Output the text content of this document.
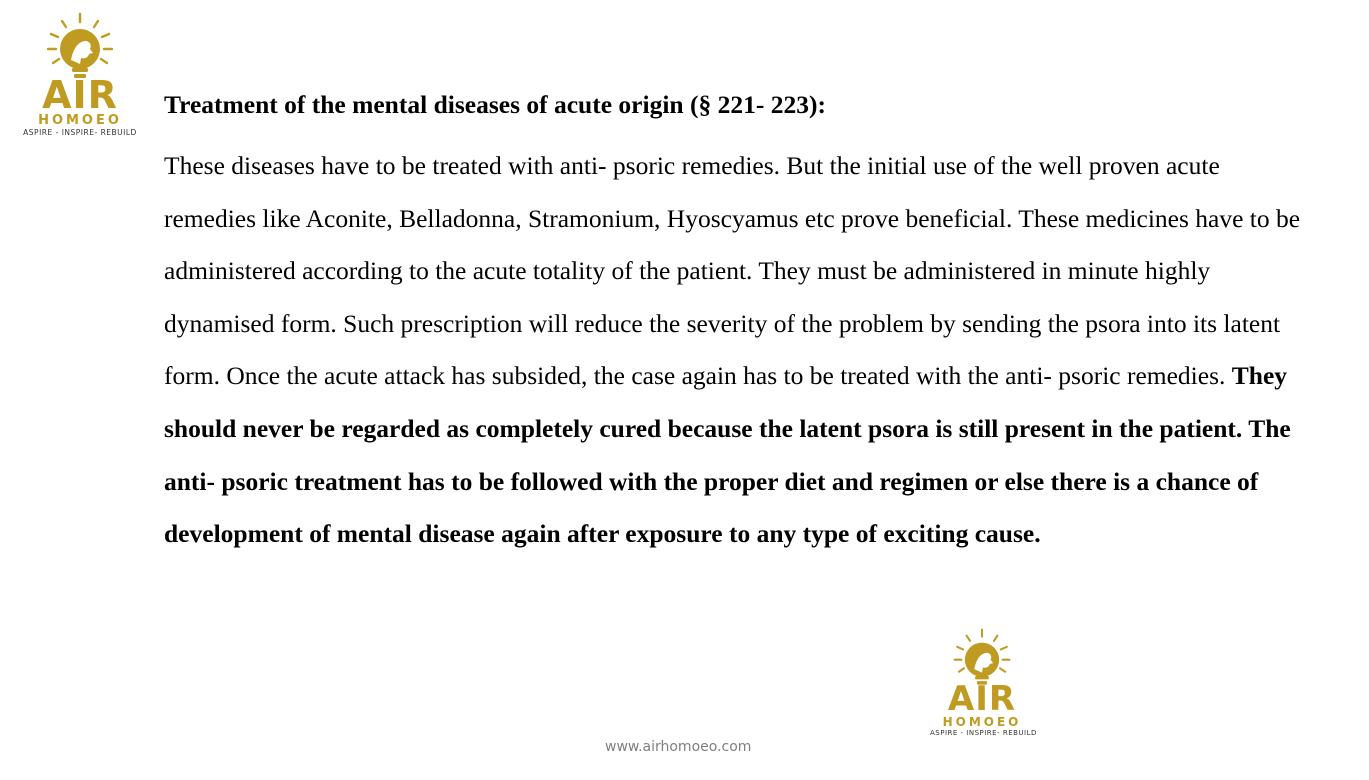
AIR
HOMOEO
ASPIRE - INSPIRE- REBUILD

Treatment of the mental diseases of acute origin (§ 221- 223):

These diseases have to be treated with anti- psoric remedies. But the initial use of the well proven acute remedies like Aconite, Belladonna, Stramonium, Hyoscyamus etc prove beneficial. These medicines have to be administered according to the acute totality of the patient. They must be administered in minute highly dynamised form. Such prescription will reduce the severity of the problem by sending the psora into its latent form. Once the acute attack has subsided, the case again has to be treated with the anti- psoric remedies. They should never be regarded as completely cured because the latent psora is still present in the patient. The anti- psoric treatment has to be followed with the proper diet and regimen or else there is a chance of development of mental disease again after exposure to any type of exciting cause.

AIR
HOMOEO
ASPIRE - INSPIRE- REBUILD
www.airhomoeo.com
